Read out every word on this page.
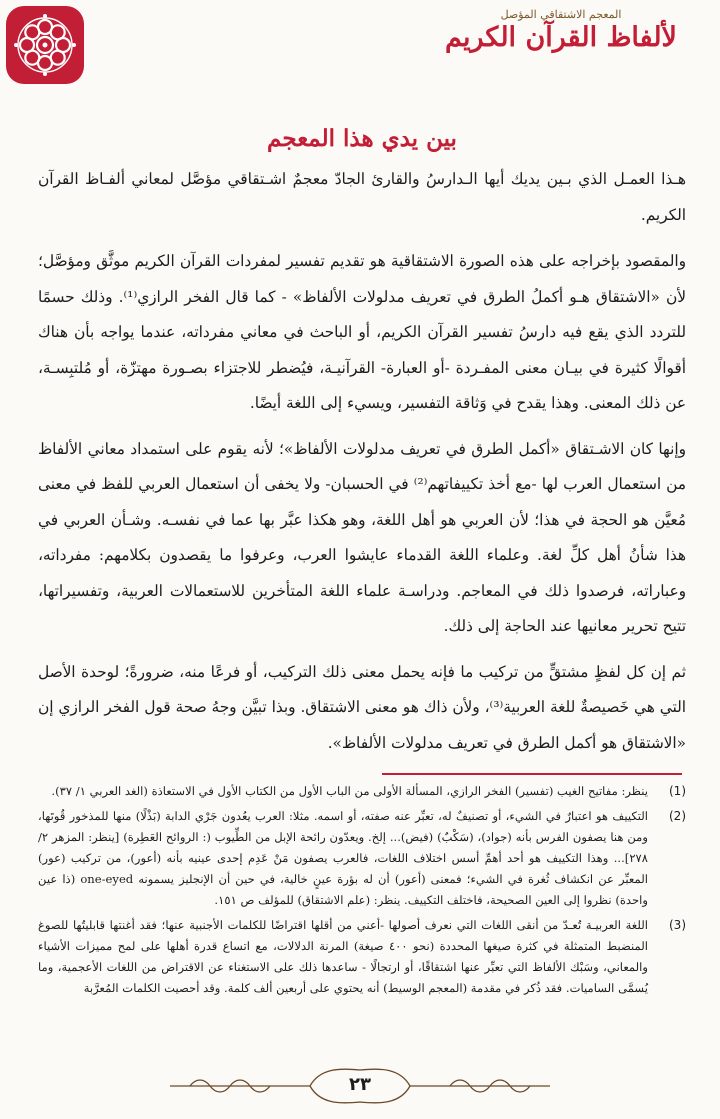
المعجم الاشتقاقي المؤصل
لألفاظ القرآن الكريم
بين يدي هذا المعجم

هـذا العمـل الذي بـين يديك أيها الـدارسُ والقارئ الجادّ معجمٌ اشـتقاقي مؤصَّل لمعاني ألفـاظ القرآن الكريم.

والمقصود بإخراجه على هذه الصورة الاشتقاقية هو تقديم تفسير لمفردات القرآن الكريم موثَّق ومؤصَّل؛ لأن «الاشتقاق هـو أكملُ الطرق في تعريف مدلولات الألفاظ» - كما قال الفخر الرازي⁽¹⁾. وذلك حسمًا للتردد الذي يقع فيه دارسُ تفسير القرآن الكريم، أو الباحث في معاني مفرداته، عندما يواجه بأن هناك أقوالًا كثيرة في بيـان معنى المفـردة -أو العبارة- القرآنيـة، فيُضطر للاجتزاء بصـورة مهتزّة، أو مُلتبِسـة، عن ذلك المعنى. وهذا يقدح في وَثاقة التفسير، ويسيء إلى اللغة أيضًا.

وإنها كان الاشـتقاق «أكمل الطرق في تعريف مدلولات الألفاظ»؛ لأنه يقوم على استمداد معاني الألفاظ من استعمال العرب لها -مع أخذ تكييفاتهم⁽²⁾ في الحسبان- ولا يخفى أن استعمال العربي للفظ في معنى مُعيَّن هو الحجة في هذا؛ لأن العربي هو أهل اللغة، وهو هكذا عبَّر بها عما في نفسـه. وشـأن العربي في هذا شأنُ أهل كلِّ لغة. وعلماء اللغة القدماء عايشوا العرب، وعرفوا ما يقصدون بكلامهم: مفرداته، وعباراته، فرصدوا ذلك في المعاجم. ودراسـة علماء اللغة المتأخرين للاستعمالات العربية، وتفسيراتها، تتيح تحرير معانيها عند الحاجة إلى ذلك.

ثم إن كل لفظٍ مشتقٍّ من تركيب ما فإنه يحمل معنى ذلك التركيب، أو فرعًا منه، ضرورةً؛ لوحدة الأصل التي هي خَصيصةٌ للغة العربية⁽³⁾، ولأن ذاك هو معنى الاشتقاق. وبذا تبيَّن وجهُ صحة قول الفخر الرازي إن «الاشتقاق هو أكمل الطرق في تعريف مدلولات الألفاظ».

(1)
ينظر: مفاتيح الغيب (تفسير) الفخر الرازي، المسألة الأولى من الباب الأول من الكتاب الأول في الاستعاذة (الغد العربي ١/ ٣٧).
(2)
التكييف هو اعتبارٌ في الشيء، أو تصنيفٌ له، تعبِّر عنه صفته، أو اسمه. مثلا: العرب يعُدون جَرْي الدابة (بَذْلًا) منها للمذخور قُوتَها، ومن هنا يصفون الفرس بأنه (جواد)، (سَكْبٌ) (فيض)... إلخ. ويعدّون رائحة الإبل من الطِّيوب (: الروائح العَطِرة) [ينظر: المزهر ٢/ ٢٧٨]... وهذا التكييف هو أحد أهمِّ أسس اختلاف اللغات، فالعرب يصفون مَنْ عَدِم إحدى عينيه بأنه (أعور)، من تركيب (عور) المعبِّر عن انكشاف ثُغرة في الشيء؛ فمعنى (أعور) أن له بؤرة عينٍ خالية، في حين أن الإنجليز يسمونه one-eyed (ذا عين واحدة) نظروا إلى العين الصحيحة، فاختلف التكييف. ينظر: (علم الاشتقاق) للمؤلف ص ١٥١.
(3)
اللغة العربيـة تُعـدّ من أنقى اللغات التي نعرف أصولها -أعني من أقلها اقتراضًا للكلمات الأجنبية عنها؛ فقد أغنتها قابليتُها للصوغ المنضبط المتمثلة في كثرة صيغها المحددة (نحو ٤٠٠ صيغة) المرنة الدلالات، مع اتساع قدرة أهلها على لمح مميزات الأشياء والمعاني، وسَبْك الألفاظ التي تعبِّر عنها اشتقاقًا، أو ارتجالًا - ساعدها ذلك على الاستغناء عن الاقتراض من اللغات الأعجمية، وما يُسمَّى الساميات. فقد ذُكر في مقدمة (المعجم الوسيط) أنه يحتوي على أربعين ألف كلمة. وقد أحصيت الكلمات المُعرَّبة
٢٣
